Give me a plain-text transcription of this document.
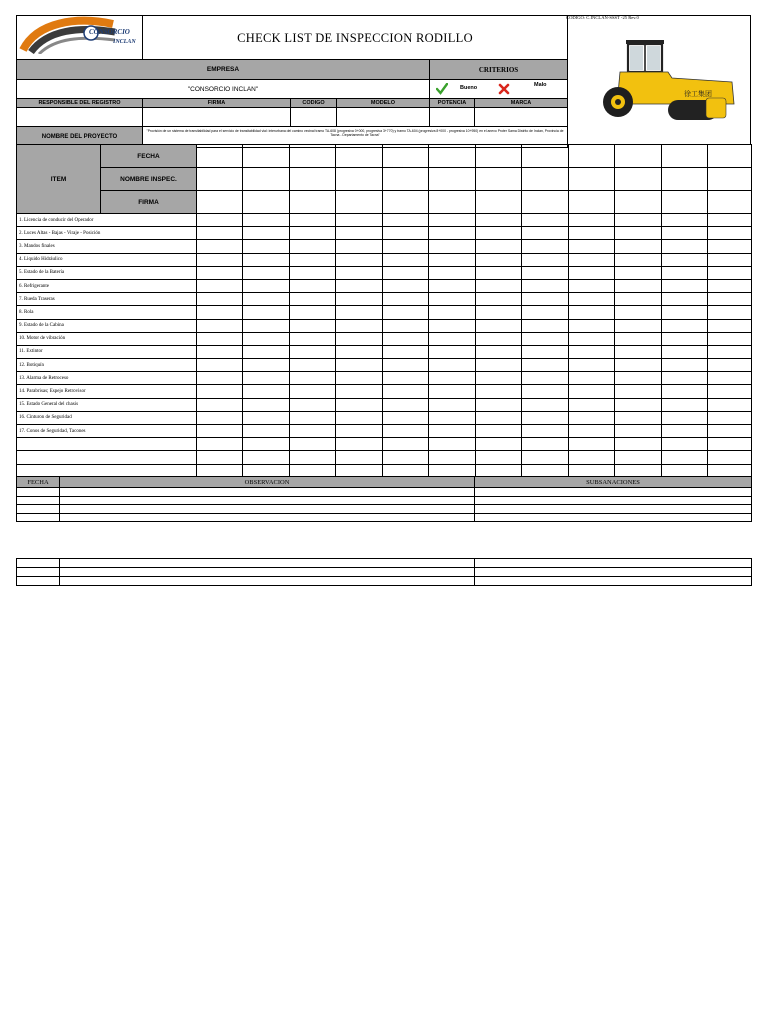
CONSORCIO
INCLAN	CHECK LIST DE INSPECCION RODILLO				
EMPRESA				CRITERIOS	
"CONSORCIO INCLAN"				Bueno Malo	

RESPONSIBLE DEL REGISTRO	FIRMA	CODIGO	MODELO	POTENCIA	MARCA

NOMBRE DEL PROYECTO	"Provisión de un sistema de transitabilidad para el servicio de transitabilidad vial: interurbana del camino vecinal tramo TA-608 (progresiva 0+000, progresiva 3+770) y tramo TA-604 (progresiva 8+000 - progresiva 10+950) en el anexo Proter Sama Distrito de Inclan, Provincia de Tacna - Departamento de Tacna"				
CODIGO: C.INCLAN-SSST -25 Rev.0
徐工集团
ITEM	FECHA												
	NOMBRE INSPEC.												
	FIRMA												
1. Licencia de conducir del Operador													
2. Luces Altas - Bajas - Viraje - Posición													
3. Mandos finales													
4. Liquido Hidráulico													
5. Estado de la Batería													
6. Refrigerante													
7. Rueda Traseras													
8. Rola													
9. Estado de la Cabina													
10. Motor de vibración													
11. Extintor													
12. Botiquín													
13. Alarma de Retroceso													
14. Parabrisas; Espejo Retrovisor													
15. Estado General del chasis													
16. Cinturon de Seguridad													
17. Conos de Seguridad, Tacones													

FECHA	OBSERVACION	SUBSANACIONES
